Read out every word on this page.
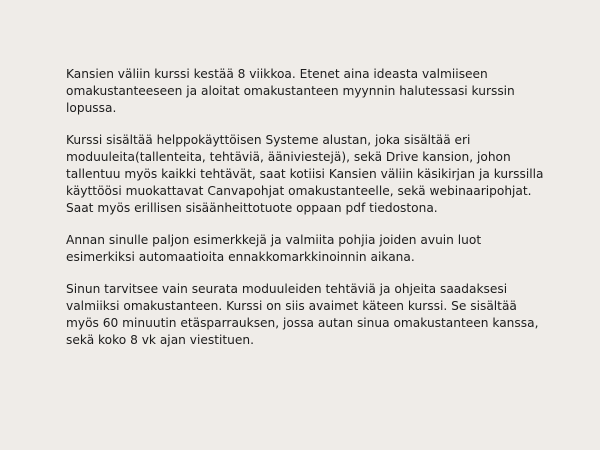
Kansien väliin kurssi kestää 8 viikkoa. Etenet aina ideasta valmiiseen omakustanteeseen ja aloitat omakustanteen myynnin halutessasi kurssin lopussa.

Kurssi sisältää helppokäyttöisen Systeme alustan, joka sisältää eri moduuleita(tallenteita, tehtäviä, ääniviestejä), sekä Drive kansion, johon tallentuu myös kaikki tehtävät, saat kotiisi Kansien väliin käsikirjan ja kurssilla käyttöösi muokattavat Canvapohjat omakustanteelle, sekä webinaaripohjat. Saat myös erillisen sisäänheittotuote oppaan pdf tiedostona.

Annan sinulle paljon esimerkkejä ja valmiita pohjia joiden avuin luot esimerkiksi automaatioita ennakkomarkkinoinnin aikana.

Sinun tarvitsee vain seurata moduuleiden tehtäviä ja ohjeita saadaksesi valmiiksi omakustanteen. Kurssi on siis avaimet käteen kurssi. Se sisältää myös 60 minuutin etäsparrauksen, jossa autan sinua omakustanteen kanssa, sekä koko 8 vk ajan viestituen.
